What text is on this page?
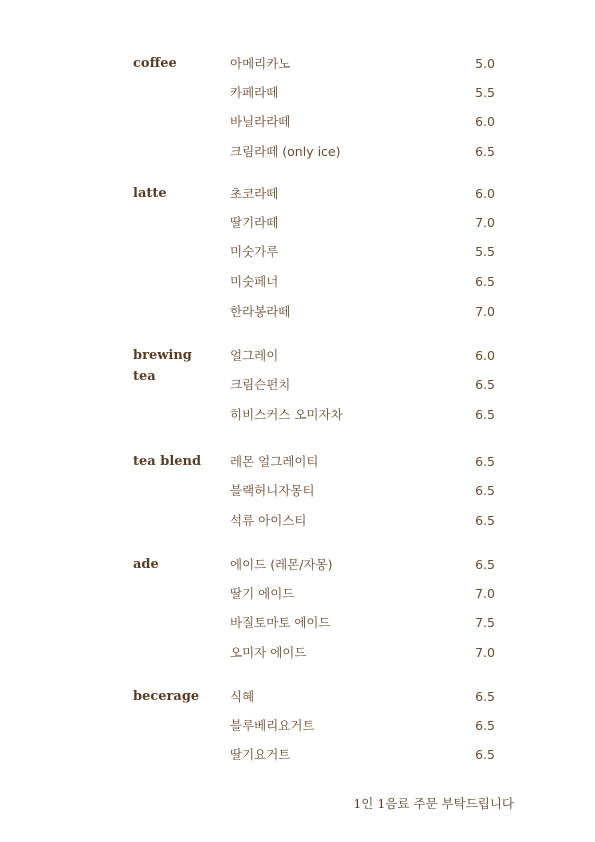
coffee	아메리카노	5.0
카페라떼	5.5
바닐라라떼	6.0
크림라떼 (only ice)	6.5
latte	초코라떼	6.0
딸기라떼	7.0
미숫가루	5.5
미숫페너	6.5
한라봉라떼	7.0
brewing tea
얼그레이	6.0
크림슨펀치	6.5
히비스커스 오미자차	6.5
tea blend	레몬 얼그레이티	6.5
블랙허니자몽티	6.5
석류 아이스티	6.5
ade	에이드 (레몬/자몽)	6.5
딸기 에이드	7.0
바질토마토 에이드	7.5
오미자 에이드	7.0
becerage	식혜	6.5
블루베리요거트	6.5
딸기요거트	6.5
1인 1음료 주문 부탁드립니다
